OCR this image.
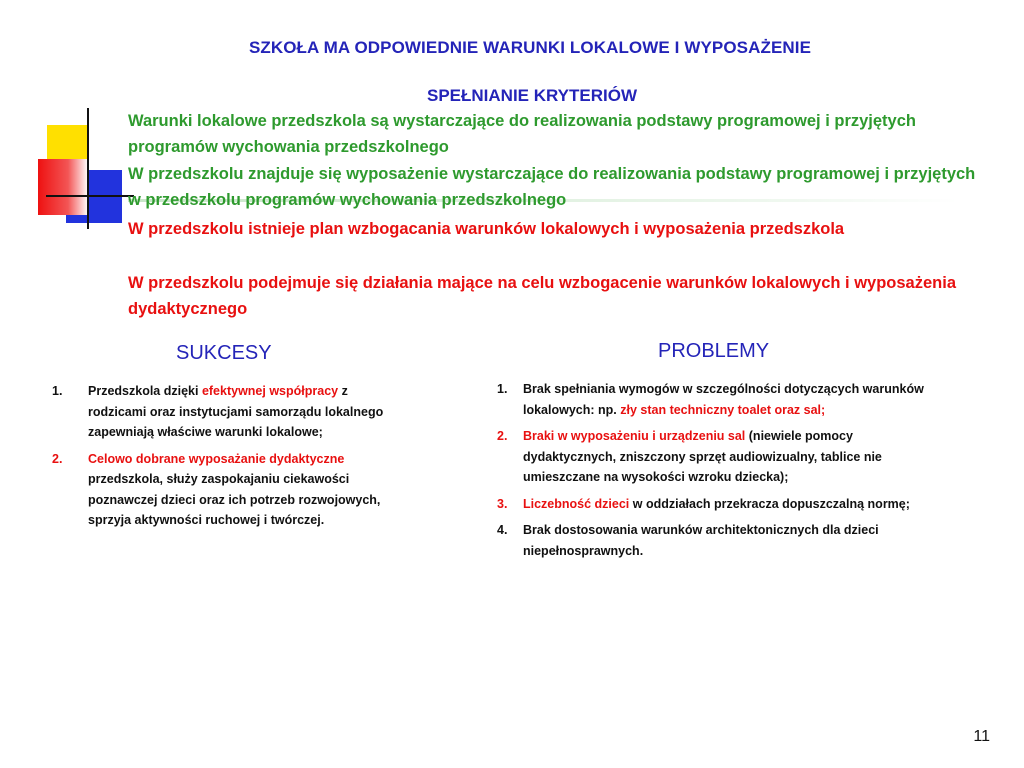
SZKOŁA MA ODPOWIEDNIE WARUNKI LOKALOWE I WYPOSAŻENIE
SPEŁNIANIE KRYTERIÓW

Warunki lokalowe przedszkola są wystarczające do realizowania podstawy programowej i przyjętych programów wychowania przedszkolnego

W przedszkolu znajduje się wyposażenie wystarczające do realizowania podstawy programowej i przyjętych w przedszkolu programów wychowania przedszkolnego

W przedszkolu istnieje plan wzbogacania warunków lokalowych i wyposażenia przedszkola

W przedszkolu podejmuje się działania mające na celu wzbogacenie warunków lokalowych i wyposażenia dydaktycznego

SUKCESY
1. Przedszkola dzięki efektywnej współpracy z rodzicami oraz instytucjami samorządu lokalnego zapewniają właściwe warunki lokalowe;
2. Celowo dobrane wyposażanie dydaktyczne przedszkola, służy zaspokajaniu ciekawości poznawczej dzieci oraz ich potrzeb rozwojowych, sprzyja aktywności ruchowej i twórczej.
PROBLEMY
1. Brak spełniania wymogów w szczególności dotyczących warunków lokalowych: np. zły stan techniczny toalet oraz sal;
2. Braki w wyposażeniu i urządzeniu sal (niewiele pomocy dydaktycznych, zniszczony sprzęt audiowizualny, tablice nie umieszczane na wysokości wzroku dziecka);
3. Liczebność dzieci w oddziałach przekracza dopuszczalną normę;
4. Brak dostosowania warunków architektonicznych dla dzieci niepełnosprawnych.
11
